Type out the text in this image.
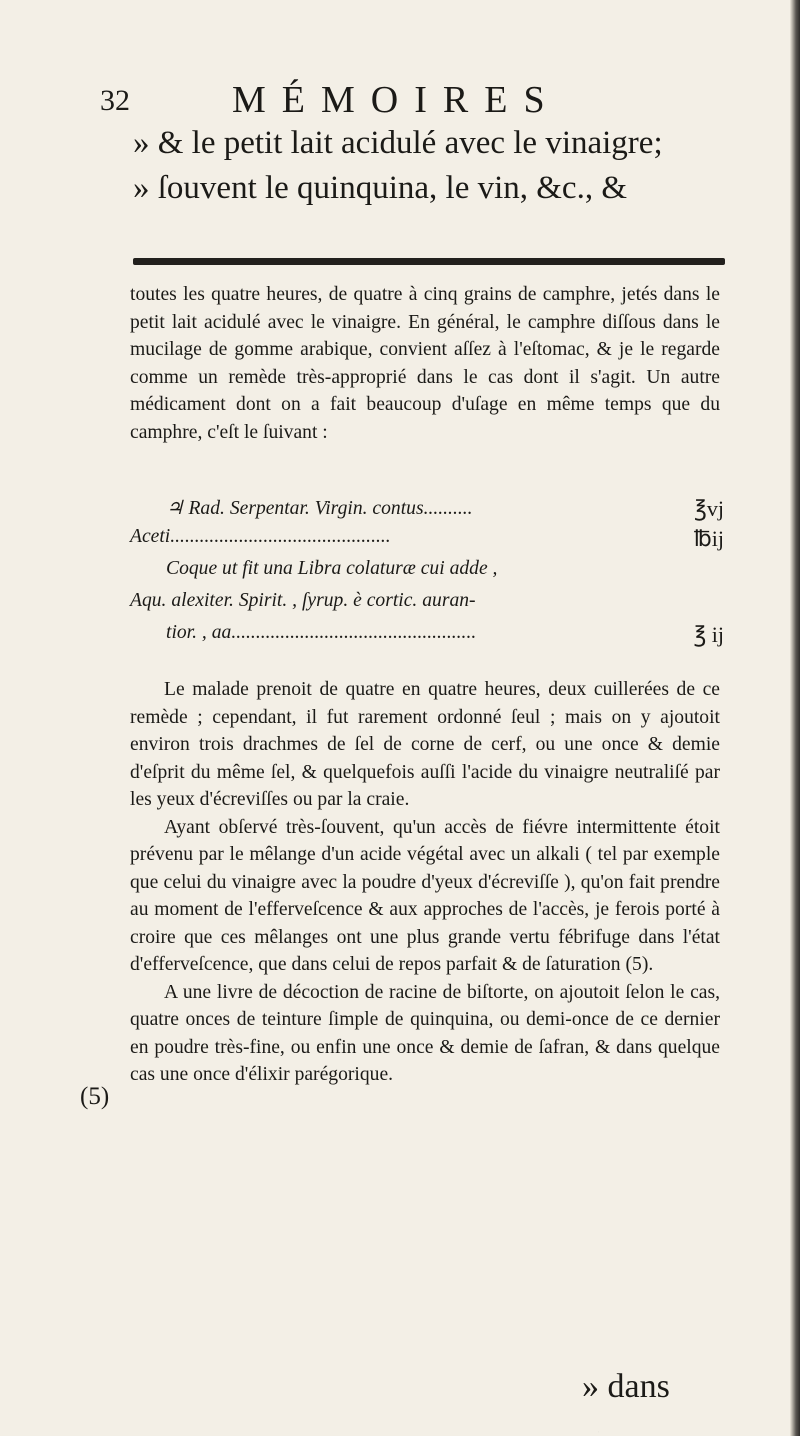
32	MÉMOIRES
» & le petit lait acidulé avec le vinaigre;
» ſouvent le quinquina, le vin, &c., &

toutes les quatre heures, de quatre à cinq grains de camphre, jetés dans le petit lait acidulé avec le vinaigre. En général, le camphre diſſous dans le mucilage de gomme arabique, convient aſſez à l'eſtomac, & je le regarde comme un remède très-approprié dans le cas dont il s'agit. Un autre médicament dont on a fait beaucoup d'uſage en même temps que du camphre, c'eſt le ſuivant :

♃ Rad. Serpentar. Virgin. contus..........	℥vj
Aceti.............................................	℔ij
Coque ut fit una Libra colaturæ cui adde ,
Aqu. alexiter. Spirit. , ſyrup. è cortic. auran-
tior. , aa..................................................	℥ ij

Le malade prenoit de quatre en quatre heures, deux cuillerées de ce remède ; cependant, il fut rarement ordonné ſeul ; mais on y ajoutoit environ trois drachmes de ſel de corne de cerf, ou une once & demie d'eſprit du même ſel, & quelquefois auſſi l'acide du vinaigre neutraliſé par les yeux d'écreviſſes ou par la craie.

Ayant obſervé très-ſouvent, qu'un accès de fiévre intermittente étoit prévenu par le mêlange d'un acide végétal avec un alkali ( tel par exemple que celui du vinaigre avec la poudre d'yeux d'écreviſſe ), qu'on fait prendre au moment de l'efferveſcence & aux approches de l'accès, je ferois porté à croire que ces mêlanges ont une plus grande vertu fébrifuge dans l'état d'efferveſcence, que dans celui de repos parfait & de ſaturation (5).

A une livre de décoction de racine de biſtorte, on ajoutoit ſelon le cas, quatre onces de teinture ſimple de quinquina, ou demi-once de ce dernier en poudre très-fine, ou enfin une once & demie de ſafran, & dans quelque cas une once d'élixir parégorique.

(5)
» dans
\
